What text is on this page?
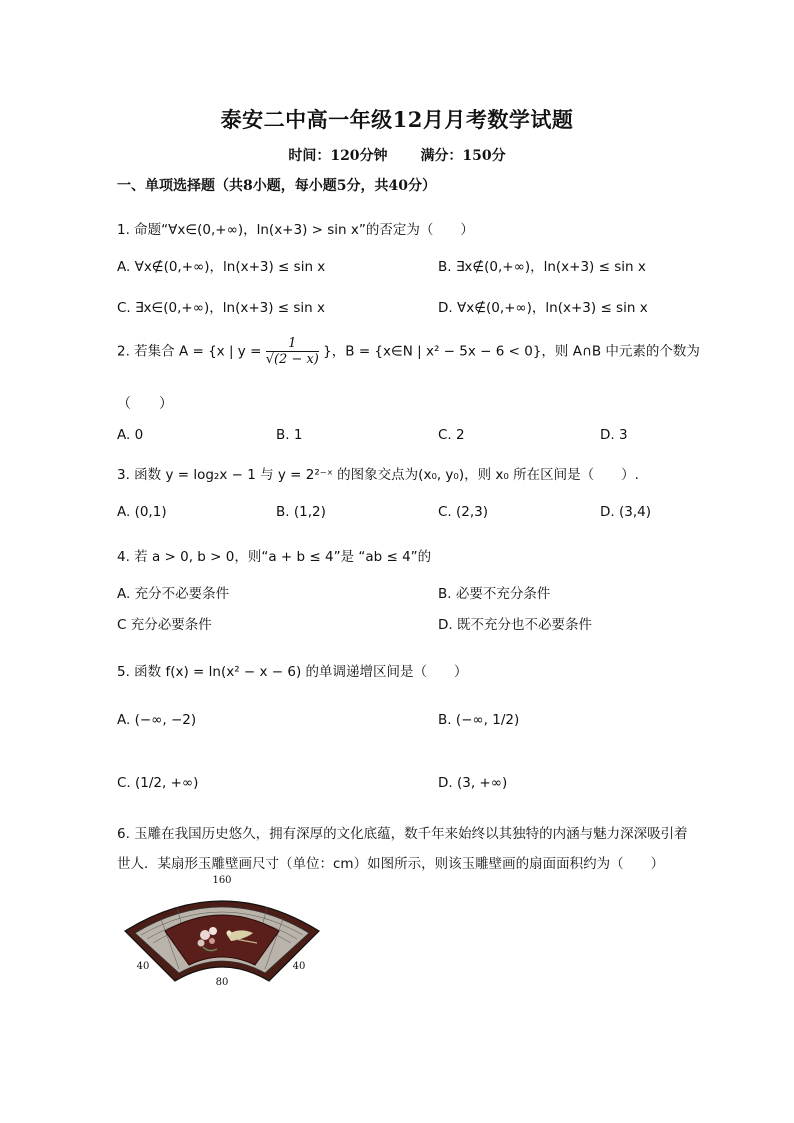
泰安二中高一年级12月月考数学试题
时间：120分钟 满分：150分
一、单项选择题（共8小题，每小题5分，共40分）
1. 命题“∀x∈(0,+∞)，ln(x+3) > sin x”的否定为（　　）
A. ∀x∉(0,+∞)，ln(x+3) ≤ sin x	B. ∃x∉(0,+∞)，ln(x+3) ≤ sin x
C. ∃x∈(0,+∞)，ln(x+3) ≤ sin x	D. ∀x∉(0,+∞)，ln(x+3) ≤ sin x
2. 若集合 A = {x | $y = \frac{1}{√(2 - x)}$ }，B = {x∈N | x² − 5x − 6 < 0}，则 A∩B 中元素的个数为
（　　）
A. 0	B. 1	C. 2	D. 3
3. 函数 y = log₂x − 1 与 y = 2²⁻ˣ 的图象交点为(x₀, y₀)，则 x₀ 所在区间是（　　）.
A. (0,1)	B. (1,2)	C. (2,3)	D. (3,4)
4. 若 a > 0, b > 0，则“a + b ≤ 4”是 “ab ≤ 4”的
A. 充分不必要条件	B. 必要不充分条件
C 充分必要条件	D. 既不充分也不必要条件
5. 函数 f(x) = ln(x² − x − 6) 的单调递增区间是（　　）
A. (−∞, −2)	B. (−∞, 1/2)
C. (1/2, +∞)	D. (3, +∞)
6. 玉雕在我国历史悠久，拥有深厚的文化底蕴，数千年来始终以其独特的内涵与魅力深深吸引着
世人．某扇形玉雕壁画尺寸（单位：cm）如图所示，则该玉雕壁画的扇面面积约为（　　）
160
80
40	40
